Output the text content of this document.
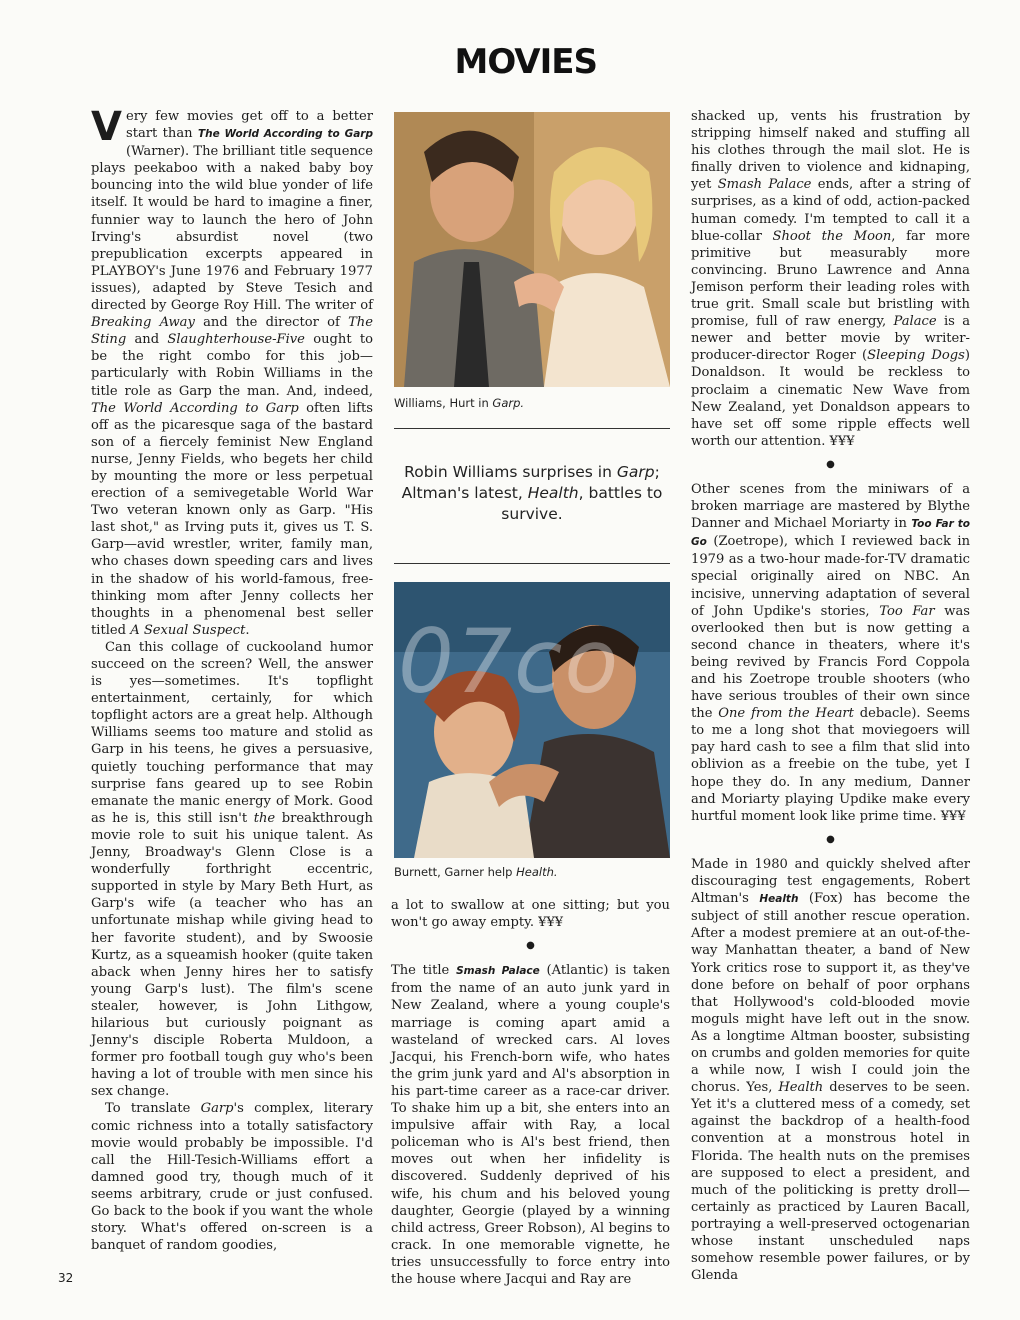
MOVIES

Very few movies get off to a better start than The World According to Garp (Warner). The brilliant title sequence plays peekaboo with a naked baby boy bouncing into the wild blue yonder of life itself. It would be hard to imagine a finer, funnier way to launch the hero of John Irving's absurdist novel (two prepublication excerpts appeared in PLAYBOY's June 1976 and February 1977 issues), adapted by Steve Tesich and directed by George Roy Hill. The writer of Breaking Away and the director of The Sting and Slaughterhouse-Five ought to be the right combo for this job—particularly with Robin Williams in the title role as Garp the man. And, indeed, The World According to Garp often lifts off as the picaresque saga of the bastard son of a fiercely feminist New England nurse, Jenny Fields, who begets her child by mounting the more or less perpetual erection of a semivegetable World War Two veteran known only as Garp. "His last shot," as Irving puts it, gives us T. S. Garp—avid wrestler, writer, family man, who chases down speeding cars and lives in the shadow of his world-famous, free-thinking mom after Jenny collects her thoughts in a phenomenal best seller titled A Sexual Suspect.

Can this collage of cuckooland humor succeed on the screen? Well, the answer is yes—sometimes. It's topflight entertainment, certainly, for which topflight actors are a great help. Although Williams seems too mature and stolid as Garp in his teens, he gives a persuasive, quietly touching performance that may surprise fans geared up to see Robin emanate the manic energy of Mork. Good as he is, this still isn't the breakthrough movie role to suit his unique talent. As Jenny, Broadway's Glenn Close is a wonderfully forthright eccentric, supported in style by Mary Beth Hurt, as Garp's wife (a teacher who has an unfortunate mishap while giving head to her favorite student), and by Swoosie Kurtz, as a squeamish hooker (quite taken aback when Jenny hires her to satisfy young Garp's lust). The film's scene stealer, however, is John Lithgow, hilarious but curiously poignant as Jenny's disciple Roberta Muldoon, a former pro football tough guy who's been having a lot of trouble with men since his sex change.

To translate Garp's complex, literary comic richness into a totally satisfactory movie would probably be impossible. I'd call the Hill-Tesich-Williams effort a damned good try, though much of it seems arbitrary, crude or just confused. Go back to the book if you want the whole story. What's offered on-screen is a banquet of random goodies,

Williams, Hurt in Garp.
Robin Williams surprises in Garp; Altman's latest, Health, battles to survive.
07co
Burnett, Garner help Health.

a lot to swallow at one sitting; but you won't go away empty. ¥¥¥

●

The title Smash Palace (Atlantic) is taken from the name of an auto junk yard in New Zealand, where a young couple's marriage is coming apart amid a wasteland of wrecked cars. Al loves Jacqui, his French-born wife, who hates the grim junk yard and Al's absorption in his part-time career as a race-car driver. To shake him up a bit, she enters into an impulsive affair with Ray, a local policeman who is Al's best friend, then moves out when her infidelity is discovered. Suddenly deprived of his wife, his chum and his beloved young daughter, Georgie (played by a winning child actress, Greer Robson), Al begins to crack. In one memorable vignette, he tries unsuccessfully to force entry into the house where Jacqui and Ray are

shacked up, vents his frustration by stripping himself naked and stuffing all his clothes through the mail slot. He is finally driven to violence and kidnaping, yet Smash Palace ends, after a string of surprises, as a kind of odd, action-packed human comedy. I'm tempted to call it a blue-collar Shoot the Moon, far more primitive but measurably more convincing. Bruno Lawrence and Anna Jemison perform their leading roles with true grit. Small scale but bristling with promise, full of raw energy, Palace is a newer and better movie by writer-producer-director Roger (Sleeping Dogs) Donaldson. It would be reckless to proclaim a cinematic New Wave from New Zealand, yet Donaldson appears to have set off some ripple effects well worth our attention. ¥¥¥

●

Other scenes from the miniwars of a broken marriage are mastered by Blythe Danner and Michael Moriarty in Too Far to Go (Zoetrope), which I reviewed back in 1979 as a two-hour made-for-TV dramatic special originally aired on NBC. An incisive, unnerving adaptation of several of John Updike's stories, Too Far was overlooked then but is now getting a second chance in theaters, where it's being revived by Francis Ford Coppola and his Zoetrope trouble shooters (who have serious troubles of their own since the One from the Heart debacle). Seems to me a long shot that moviegoers will pay hard cash to see a film that slid into oblivion as a freebie on the tube, yet I hope they do. In any medium, Danner and Moriarty playing Updike make every hurtful moment look like prime time. ¥¥¥

●

Made in 1980 and quickly shelved after discouraging test engagements, Robert Altman's Health (Fox) has become the subject of still another rescue operation. After a modest premiere at an out-of-the-way Manhattan theater, a band of New York critics rose to support it, as they've done before on behalf of poor orphans that Hollywood's cold-blooded movie moguls might have left out in the snow. As a longtime Altman booster, subsisting on crumbs and golden memories for quite a while now, I wish I could join the chorus. Yes, Health deserves to be seen. Yet it's a cluttered mess of a comedy, set against the backdrop of a health-food convention at a monstrous hotel in Florida. The health nuts on the premises are supposed to elect a president, and much of the politicking is pretty droll—certainly as practiced by Lauren Bacall, portraying a well-preserved octogenarian whose instant unscheduled naps somehow resemble power failures, or by Glenda

32
